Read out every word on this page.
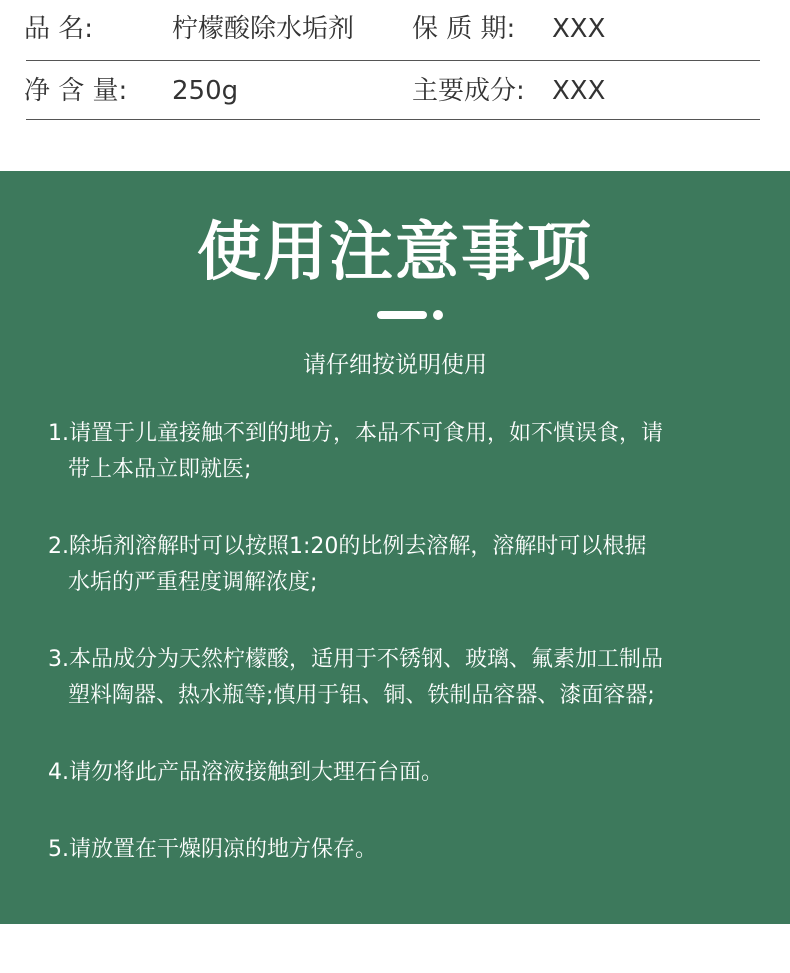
品 名:	柠檬酸除水垢剂 保 质 期: XXX
净 含 量:	250g	主要成分: XXX
使用注意事项
请仔细按说明使用
1.请置于儿童接触不到的地方，本品不可食用，如不慎误食，请
带上本品立即就医;
2.除垢剂溶解时可以按照1:20的比例去溶解，溶解时可以根据
水垢的严重程度调解浓度;
3.本品成分为天然柠檬酸，适用于不锈钢、玻璃、氟素加工制品
塑料陶器、热水瓶等;慎用于铝、铜、铁制品容器、漆面容器;
4.请勿将此产品溶液接触到大理石台面。
5.请放置在干燥阴凉的地方保存。
